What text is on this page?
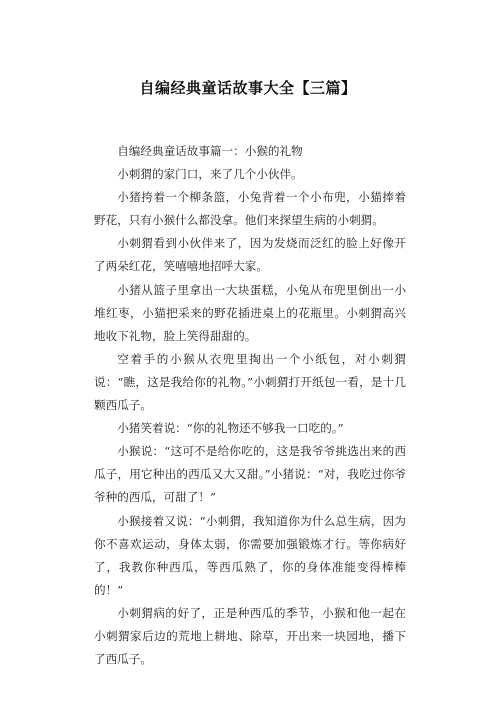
自编经典童话故事大全【三篇】

自编经典童话故事篇一：小猴的礼物

小刺猬的家门口，来了几个小伙伴。

小猪挎着一个柳条篮，小兔背着一个小布兜，小猫捧着野花，只有小猴什么都没拿。他们来探望生病的小刺猬。

小刺猬看到小伙伴来了，因为发烧而泛红的脸上好像开了两朵红花，笑嘻嘻地招呼大家。

小猪从篮子里拿出一大块蛋糕，小兔从布兜里倒出一小堆红枣，小猫把采来的野花插进桌上的花瓶里。小刺猬高兴地收下礼物，脸上笑得甜甜的。

空着手的小猴从衣兜里掏出一个小纸包，对小刺猬说：“瞧，这是我给你的礼物。”小刺猬打开纸包一看，是十几颗西瓜子。

小猪笑着说：“你的礼物还不够我一口吃的。”

小猴说：“这可不是给你吃的，这是我爷爷挑选出来的西瓜子，用它种出的西瓜又大又甜。”小猪说：“对，我吃过你爷爷种的西瓜，可甜了！”

小猴接着又说：“小刺猬，我知道你为什么总生病，因为你不喜欢运动，身体太弱，你需要加强锻炼才行。等你病好了，我教你种西瓜，等西瓜熟了，你的身体准能变得棒棒的！”

小刺猬病的好了，正是种西瓜的季节，小猴和他一起在小刺猬家后边的荒地上耕地、除草，开出来一块园地，播下了西瓜子。
